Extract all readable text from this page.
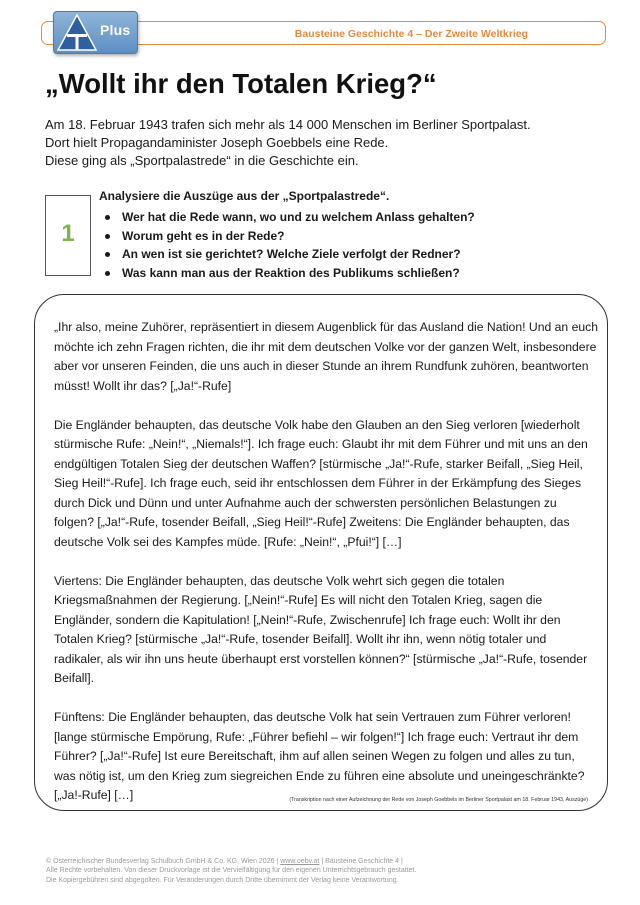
Plus	Bausteine Geschichte 4 – Der Zweite Weltkrieg
„Wollt ihr den Totalen Krieg?“
Am 18. Februar 1943 trafen sich mehr als 14 000 Menschen im Berliner Sportpalast.
Dort hielt Propagandaminister Joseph Goebbels eine Rede.
Diese ging als „Sportpalastrede“ in die Geschichte ein.
1
Analysiere die Auszüge aus der „Sportpalastrede“.
Wer hat die Rede wann, wo und zu welchem Anlass gehalten?
Worum geht es in der Rede?
An wen ist sie gerichtet? Welche Ziele verfolgt der Redner?
Was kann man aus der Reaktion des Publikums schließen?

„Ihr also, meine Zuhörer, repräsentiert in diesem Augenblick für das Ausland die Nation! Und an euch möchte ich zehn Fragen richten, die ihr mit dem deutschen Volke vor der ganzen Welt, insbesondere aber vor unseren Feinden, die uns auch in dieser Stunde an ihrem Rundfunk zuhören, beantworten müsst! Wollt ihr das? [„Ja!“-Rufe]

Die Engländer behaupten, das deutsche Volk habe den Glauben an den Sieg verloren [wiederholt stürmische Rufe: „Nein!“, „Niemals!“]. Ich frage euch: Glaubt ihr mit dem Führer und mit uns an den endgültigen Totalen Sieg der deutschen Waffen? [stürmische „Ja!“-Rufe, starker Beifall, „Sieg Heil, Sieg Heil!“-Rufe]. Ich frage euch, seid ihr entschlossen dem Führer in der Erkämpfung des Sieges durch Dick und Dünn und unter Aufnahme auch der schwersten persönlichen Belastungen zu folgen? [„Ja!“-Rufe, tosender Beifall, „Sieg Heil!“-Rufe] Zweitens: Die Engländer behaupten, das deutsche Volk sei des Kampfes müde. [Rufe: „Nein!“, „Pfui!“] […]

Viertens: Die Engländer behaupten, das deutsche Volk wehrt sich gegen die totalen Kriegsmaßnahmen der Regierung. [„Nein!“-Rufe] Es will nicht den Totalen Krieg, sagen die Engländer, sondern die Kapitulation! [„Nein!“-Rufe, Zwischenrufe] Ich frage euch: Wollt ihr den Totalen Krieg? [stürmische „Ja!“-Rufe, tosender Beifall]. Wollt ihr ihn, wenn nötig totaler und radikaler, als wir ihn uns heute überhaupt erst vorstellen können?“ [stürmische „Ja!“-Rufe, tosender Beifall].

Fünftens: Die Engländer behaupten, das deutsche Volk hat sein Vertrauen zum Führer verloren! [lange stürmische Empörung, Rufe: „Führer befiehl – wir folgen!“] Ich frage euch: Vertraut ihr dem Führer? [„Ja!“-Rufe] Ist eure Bereitschaft, ihm auf allen seinen Wegen zu folgen und alles zu tun, was nötig ist, um den Krieg zum siegreichen Ende zu führen eine absolute und uneingeschränkte? [„Ja!-Rufe] […]	(Transkription nach einer Aufzeichnung der Rede von Joseph Goebbels im Berliner Sportpalast am 18. Februar 1943, Auszüge)
© Österreichischer Bundesverlag Schulbuch GmbH & Co. KG, Wien 2026 | www.oebv.at | Bausteine Geschichte 4 |
Alle Rechte vorbehalten. Von dieser Druckvorlage ist die Vervielfältigung für den eigenen Unterrichtsgebrauch gestattet.
Die Kopiergebühren sind abgegolten. Für Veränderungen durch Dritte übernimmt der Verlag keine Verantwortung.
